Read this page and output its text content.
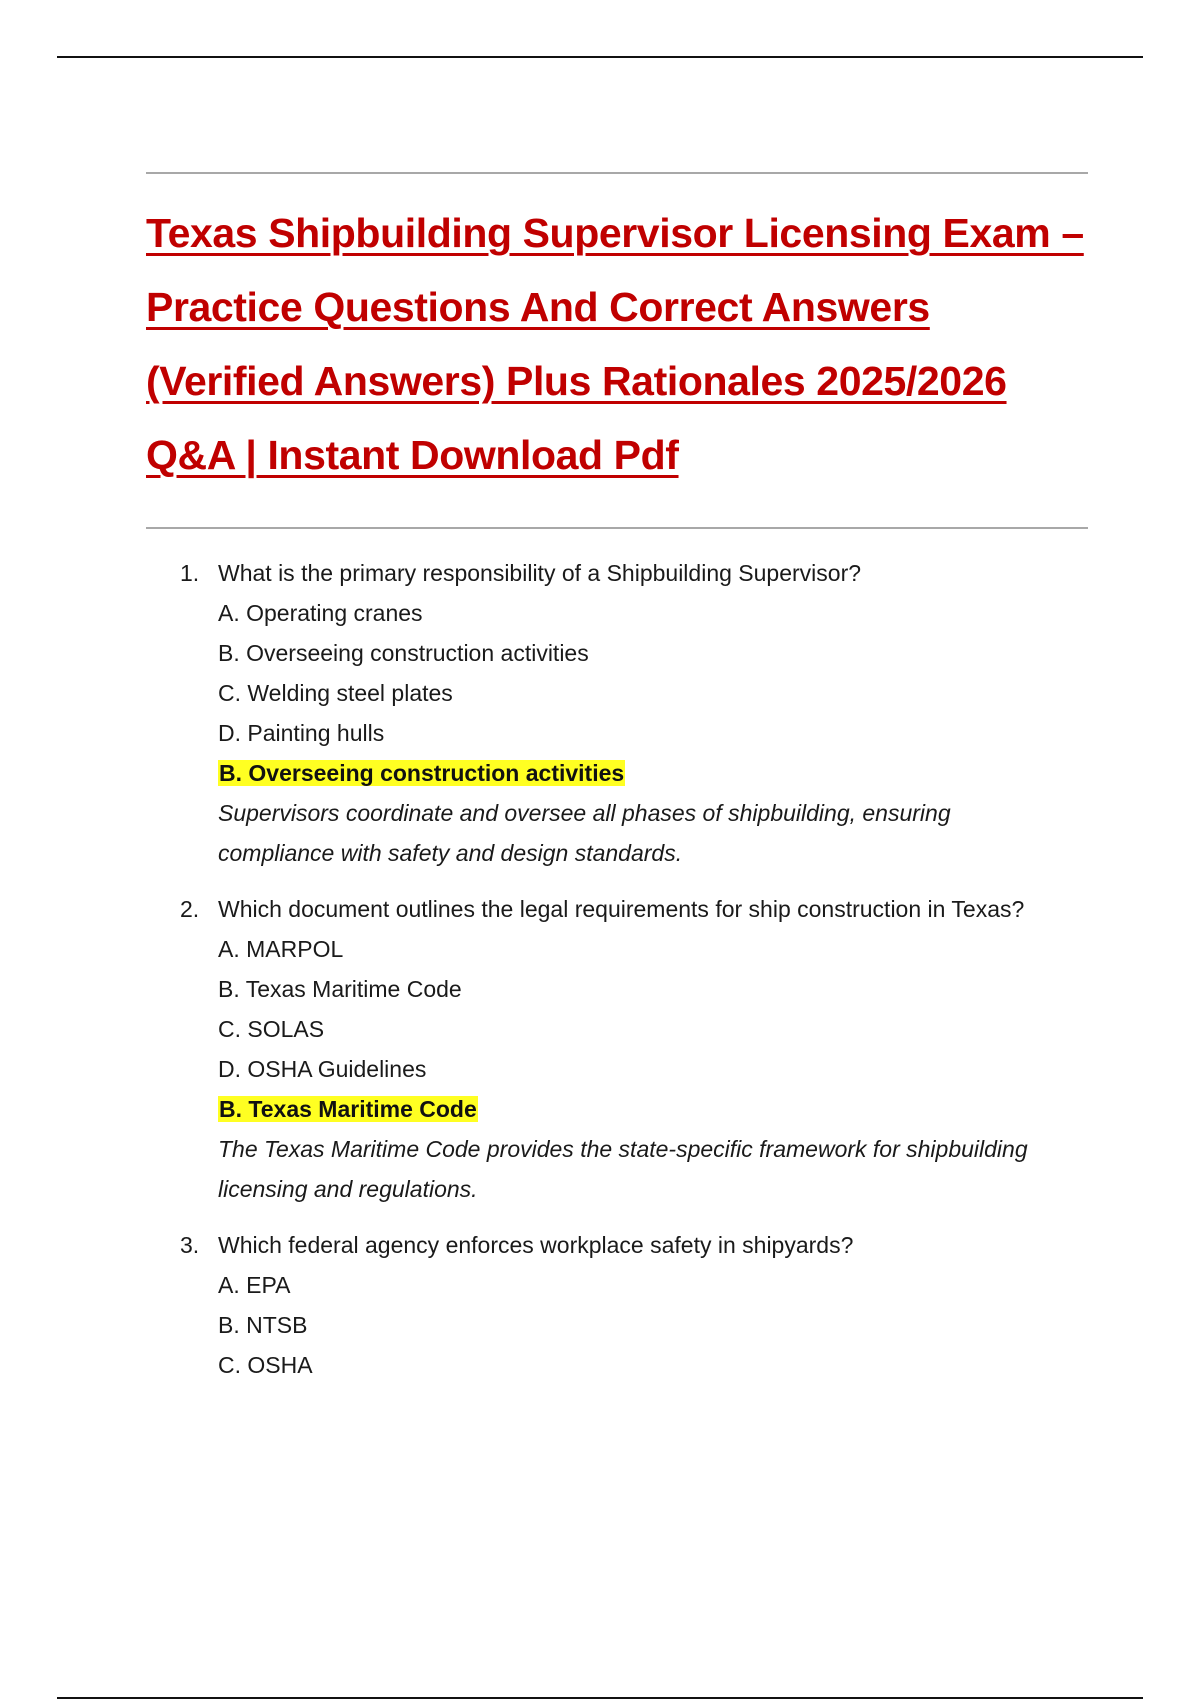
Texas Shipbuilding Supervisor Licensing Exam – Practice Questions And Correct Answers (Verified Answers) Plus Rationales 2025/2026 Q&A | Instant Download Pdf
1. What is the primary responsibility of a Shipbuilding Supervisor?

A. Operating cranes

B. Overseeing construction activities

C. Welding steel plates

D. Painting hulls

B. Overseeing construction activities

Supervisors coordinate and oversee all phases of shipbuilding, ensuring compliance with safety and design standards.

2. Which document outlines the legal requirements for ship construction in Texas?

A. MARPOL

B. Texas Maritime Code

C. SOLAS

D. OSHA Guidelines

B. Texas Maritime Code

The Texas Maritime Code provides the state-specific framework for shipbuilding licensing and regulations.

3. Which federal agency enforces workplace safety in shipyards?

A. EPA

B. NTSB

C. OSHA
